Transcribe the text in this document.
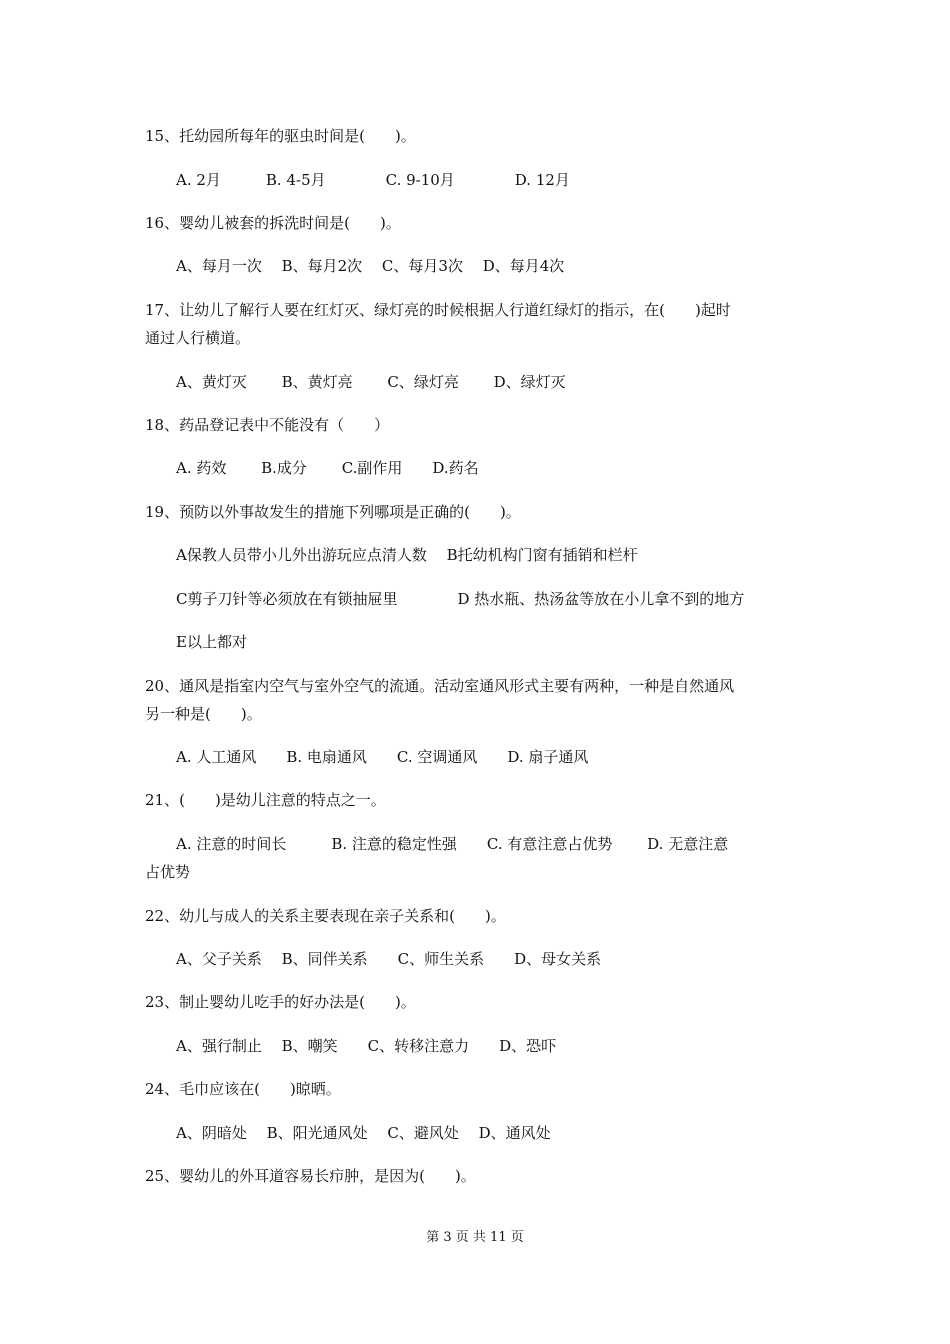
15、托幼园所每年的驱虫时间是(　　)。
A. 2月　　　B. 4-5月　　　　C. 9-10月　　　　D. 12月
16、婴幼儿被套的拆洗时间是(　　)。
A、每月一次　 B、每月2次　 C、每月3次　 D、每月4次
17、让幼儿了解行人要在红灯灭、绿灯亮的时候根据人行道红绿灯的指示，在(　　)起时
通过人行横道。
A、黄灯灭　　 B、黄灯亮　　 C、绿灯亮　　 D、绿灯灭
18、药品登记表中不能没有（　　）
A. 药效　　 B.成分　　 C.副作用　　D.药名
19、预防以外事故发生的措施下列哪项是正确的(　　)。
A保教人员带小儿外出游玩应点清人数　 B托幼机构门窗有插销和栏杆
C剪子刀针等必须放在有锁抽屉里　　　　D 热水瓶、热汤盆等放在小儿拿不到的地方
E以上都对
20、通风是指室内空气与室外空气的流通。活动室通风形式主要有两种，一种是自然通风
另一种是(　　)。
A. 人工通风　　B. 电扇通风　　C. 空调通风　　D. 扇子通风
21、(　　)是幼儿注意的特点之一。
A. 注意的时间长　　　B. 注意的稳定性强　　C. 有意注意占优势　　 D. 无意注意
占优势
22、幼儿与成人的关系主要表现在亲子关系和(　　)。
A、父子关系　 B、同伴关系　　C、师生关系　　D、母女关系
23、制止婴幼儿吃手的好办法是(　　)。
A、强行制止　 B、嘲笑　　C、转移注意力　　D、恐吓
24、毛巾应该在(　　)晾晒。
A、阴暗处　 B、阳光通风处　 C、避风处　 D、通风处
25、婴幼儿的外耳道容易长疖肿，是因为(　　)。
第 3 页 共 11 页
